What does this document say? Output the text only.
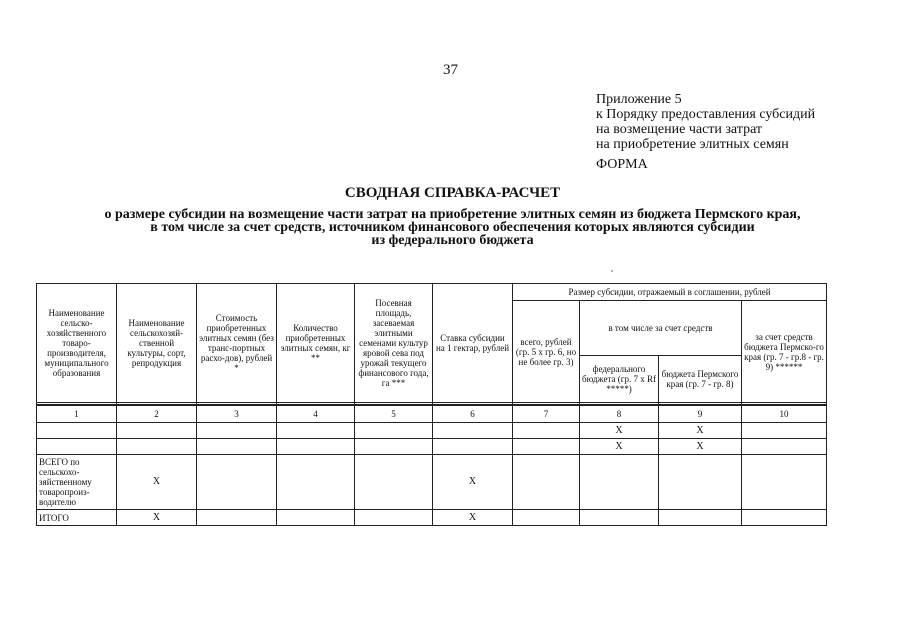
37
Приложение 5
к Порядку предоставления субсидий
на возмещение части затрат
на приобретение элитных семян
ФОРМА
СВОДНАЯ СПРАВКА-РАСЧЕТ
о размере субсидии на возмещение части затрат на приобретение элитных семян из бюджета Пермского края,
в том числе за счет средств, источником финансового обеспечения которых являются субсидии
из федерального бюджета
Наименование сельско-хозяйственного товаро-производителя, муниципального образования	Наименование сельскохозяй-ственной культуры, сорт, репродукция	Стоимость приобретенных элитных семян (без транс-портных расхо-дов), рублей *	Количество приобретенных элитных семян, кг **	Посевная площадь, засеваемая элитными семенами культур яровой сева под урожай текущего финансового года, га ***	Ставка субсидии на 1 гектар, рублей	Размер субсидии, отражаемый в соглашении, рублей			
						всего, рублей (гр. 5 x гр. 6, но не более гр. 3)	в том числе за счет средств		за счет средств бюджета Пермско-го края (гр. 7 - гр.8 - гр. 9) ******
							федерального бюджета (гр. 7 x Rf *****)	бюджета Пермского края (гр. 7 - гр. 8)	

1	2	3	4	5	6	7	8	9	10
							X	X	
							X	X	
ВСЕГО по сельскохо-зяйственному товаропроиз-водителю	X				X				
ИТОГО	X				X				
